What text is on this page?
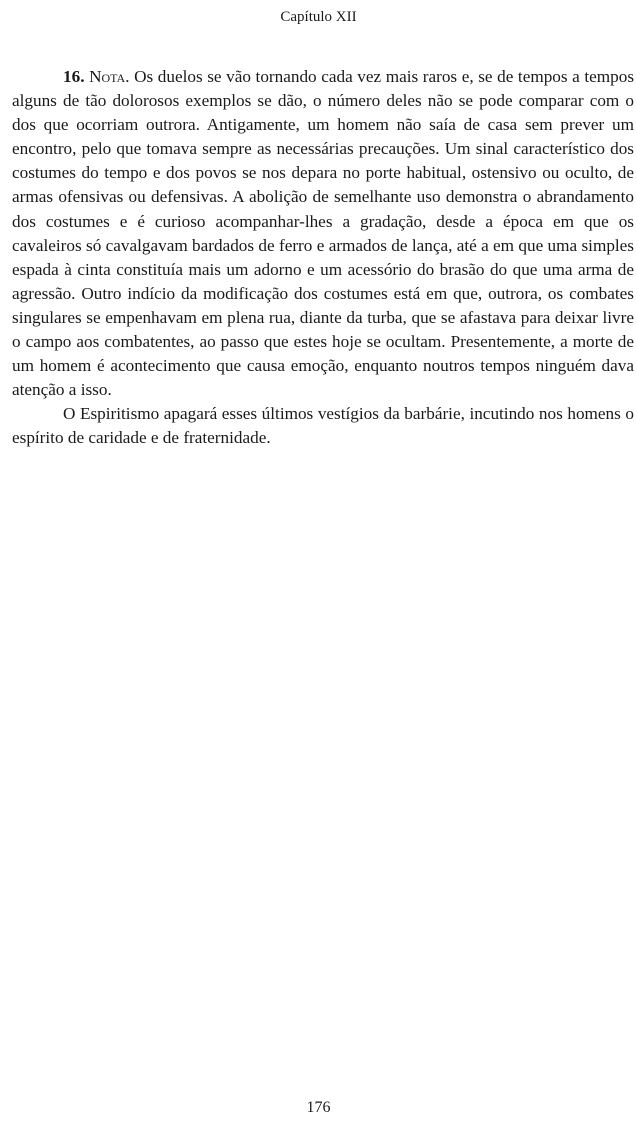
Capítulo XII

16. Nota. Os duelos se vão tornando cada vez mais raros e, se de tempos a tempos alguns de tão dolorosos exemplos se dão, o número deles não se pode comparar com o dos que ocorriam outrora. Antigamente, um homem não saía de casa sem prever um encontro, pelo que tomava sempre as necessárias precauções. Um sinal característico dos costumes do tempo e dos povos se nos depara no porte habitual, ostensivo ou oculto, de armas ofensivas ou defensivas. A abolição de semelhante uso demonstra o abrandamento dos costumes e é curioso acompanhar-lhes a gradação, desde a época em que os cavaleiros só cavalgavam bardados de ferro e armados de lança, até a em que uma simples espada à cinta constituía mais um adorno e um acessório do brasão do que uma arma de agressão. Outro indício da modificação dos costumes está em que, outrora, os combates singulares se empenhavam em plena rua, diante da turba, que se afastava para deixar livre o campo aos combatentes, ao passo que estes hoje se ocultam. Presentemente, a morte de um homem é acontecimento que causa emoção, enquanto noutros tempos ninguém dava atenção a isso.

O Espiritismo apagará esses últimos vestígios da barbárie, incutindo nos homens o espírito de caridade e de fraternidade.

176
